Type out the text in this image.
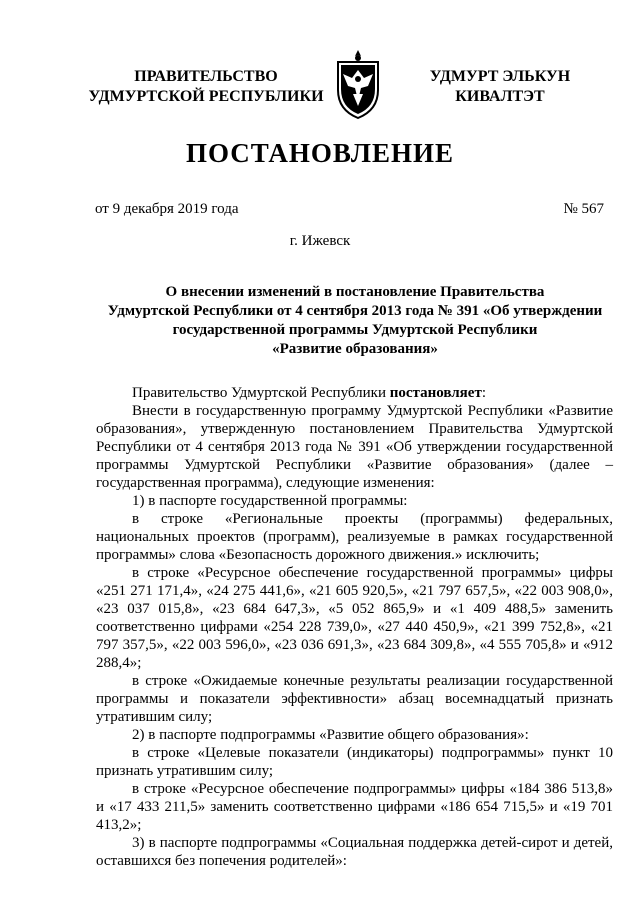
ПРАВИТЕЛЬСТВО
УДМУРТСКОЙ РЕСПУБЛИКИ
УДМУРТ ЭЛЬКУН
КИВАЛТЭТ
ПОСТАНОВЛЕНИЕ
от 9 декабря 2019 года	№ 567
г. Ижевск
О внесении изменений в постановление Правительства
Удмуртской Республики от 4 сентября 2013 года № 391 «Об утверждении
государственной программы Удмуртской Республики
«Развитие образования»

Правительство Удмуртской Республики постановляет:

Внести в государственную программу Удмуртской Республики «Развитие образования», утвержденную постановлением Правительства Удмуртской Республики от 4 сентября 2013 года № 391 «Об утверждении государственной программы Удмуртской Республики «Развитие образования» (далее – государственная программа), следующие изменения:

1) в паспорте государственной программы:

в строке «Региональные проекты (программы) федеральных, национальных проектов (программ), реализуемые в рамках государственной программы» слова «Безопасность дорожного движения.» исключить;

в строке «Ресурсное обеспечение государственной программы» цифры «251 271 171,4», «24 275 441,6», «21 605 920,5», «21 797 657,5», «22 003 908,0», «23 037 015,8», «23 684 647,3», «5 052 865,9» и «1 409 488,5» заменить соответственно цифрами «254 228 739,0», «27 440 450,9», «21 399 752,8», «21 797 357,5», «22 003 596,0», «23 036 691,3», «23 684 309,8», «4 555 705,8» и «912 288,4»;

в строке «Ожидаемые конечные результаты реализации государственной программы и показатели эффективности» абзац восемнадцатый признать утратившим силу;

2) в паспорте подпрограммы «Развитие общего образования»:

в строке «Целевые показатели (индикаторы) подпрограммы» пункт 10 признать утратившим силу;

в строке «Ресурсное обеспечение подпрограммы» цифры «184 386 513,8» и «17 433 211,5» заменить соответственно цифрами «186 654 715,5» и «19 701 413,2»;

3) в паспорте подпрограммы «Социальная поддержка детей-сирот и детей, оставшихся без попечения родителей»:
